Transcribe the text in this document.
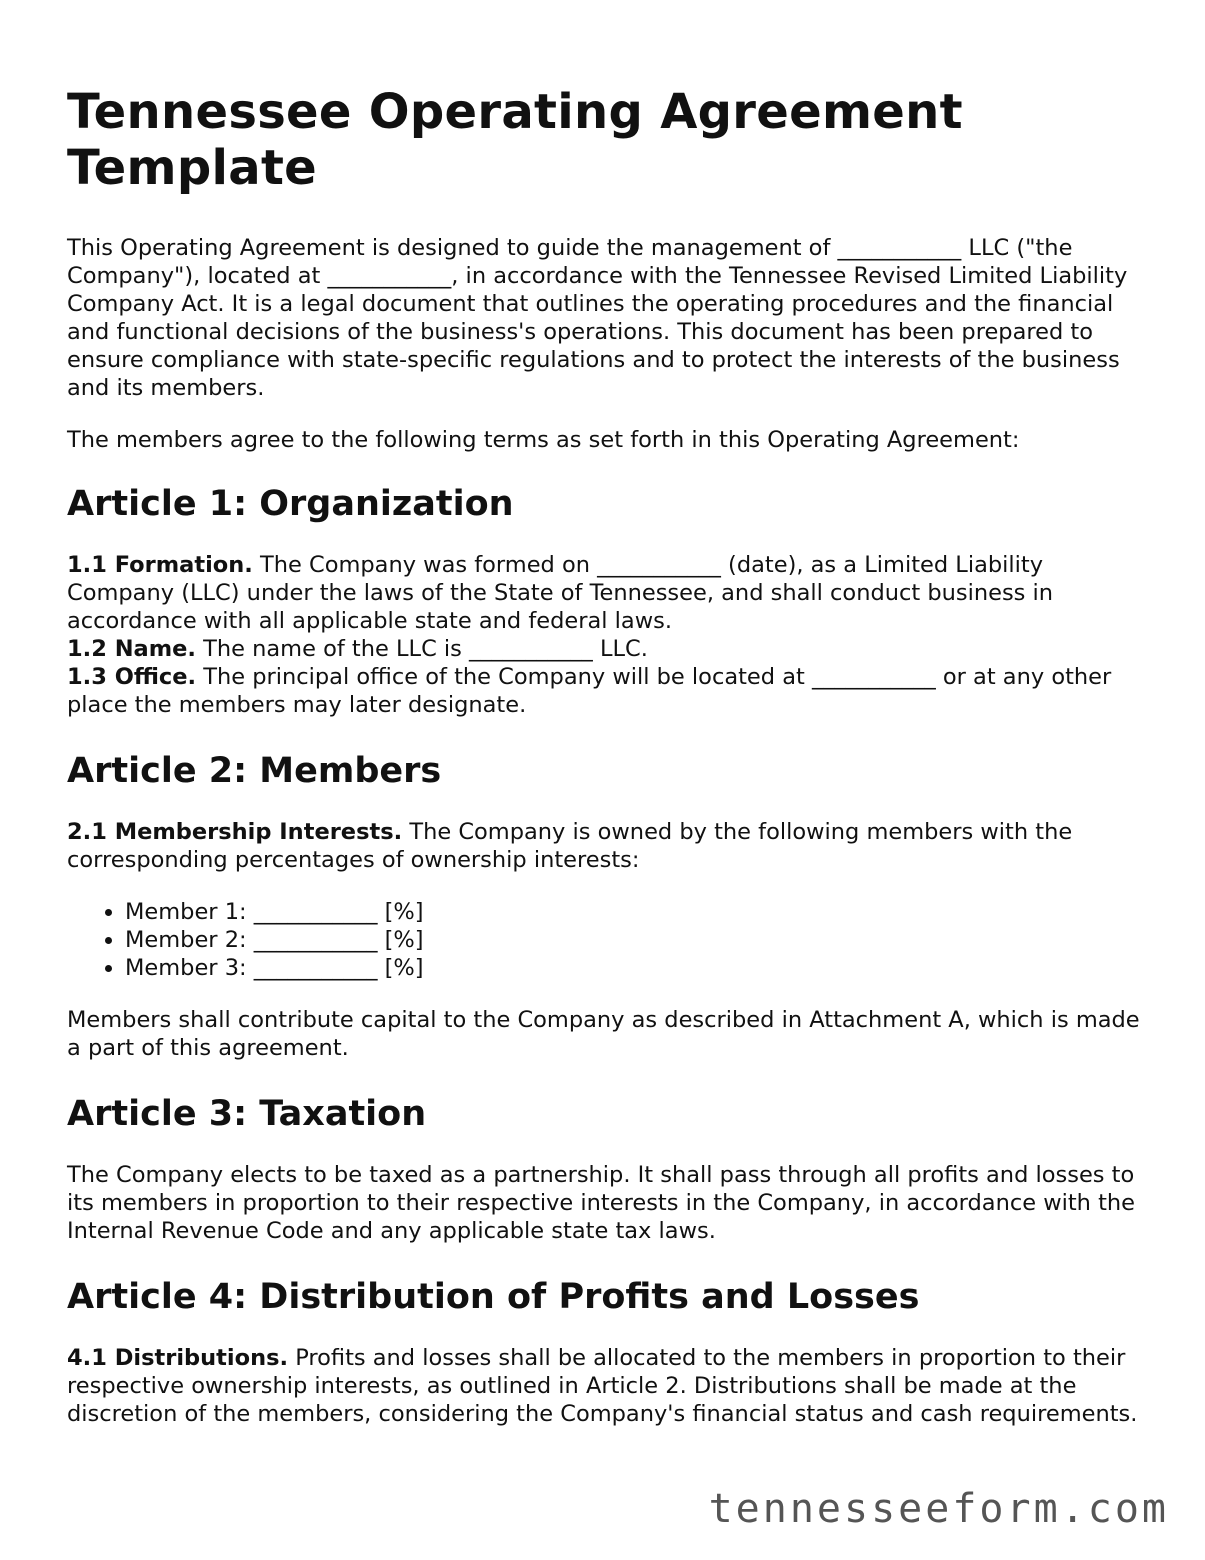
Tennessee Operating Agreement Template

This Operating Agreement is designed to guide the management of ___________ LLC ("the Company"), located at ___________, in accordance with the Tennessee Revised Limited Liability Company Act. It is a legal document that outlines the operating procedures and the financial and functional decisions of the business's operations. This document has been prepared to ensure compliance with state-specific regulations and to protect the interests of the business and its members.

The members agree to the following terms as set forth in this Operating Agreement:

Article 1: Organization

1.1 Formation. The Company was formed on ___________ (date), as a Limited Liability Company (LLC) under the laws of the State of Tennessee, and shall conduct business in accordance with all applicable state and federal laws.
1.2 Name. The name of the LLC is ___________ LLC.
1.3 Office. The principal office of the Company will be located at ___________ or at any other place the members may later designate.

Article 2: Members

2.1 Membership Interests. The Company is owned by the following members with the corresponding percentages of ownership interests:

• Member 1: ___________ [%]
• Member 2: ___________ [%]
• Member 3: ___________ [%]

Members shall contribute capital to the Company as described in Attachment A, which is made a part of this agreement.

Article 3: Taxation

The Company elects to be taxed as a partnership. It shall pass through all profits and losses to its members in proportion to their respective interests in the Company, in accordance with the Internal Revenue Code and any applicable state tax laws.

Article 4: Distribution of Profits and Losses

4.1 Distributions. Profits and losses shall be allocated to the members in proportion to their respective ownership interests, as outlined in Article 2. Distributions shall be made at the discretion of the members, considering the Company's financial status and cash requirements.

tennesseeform.com
